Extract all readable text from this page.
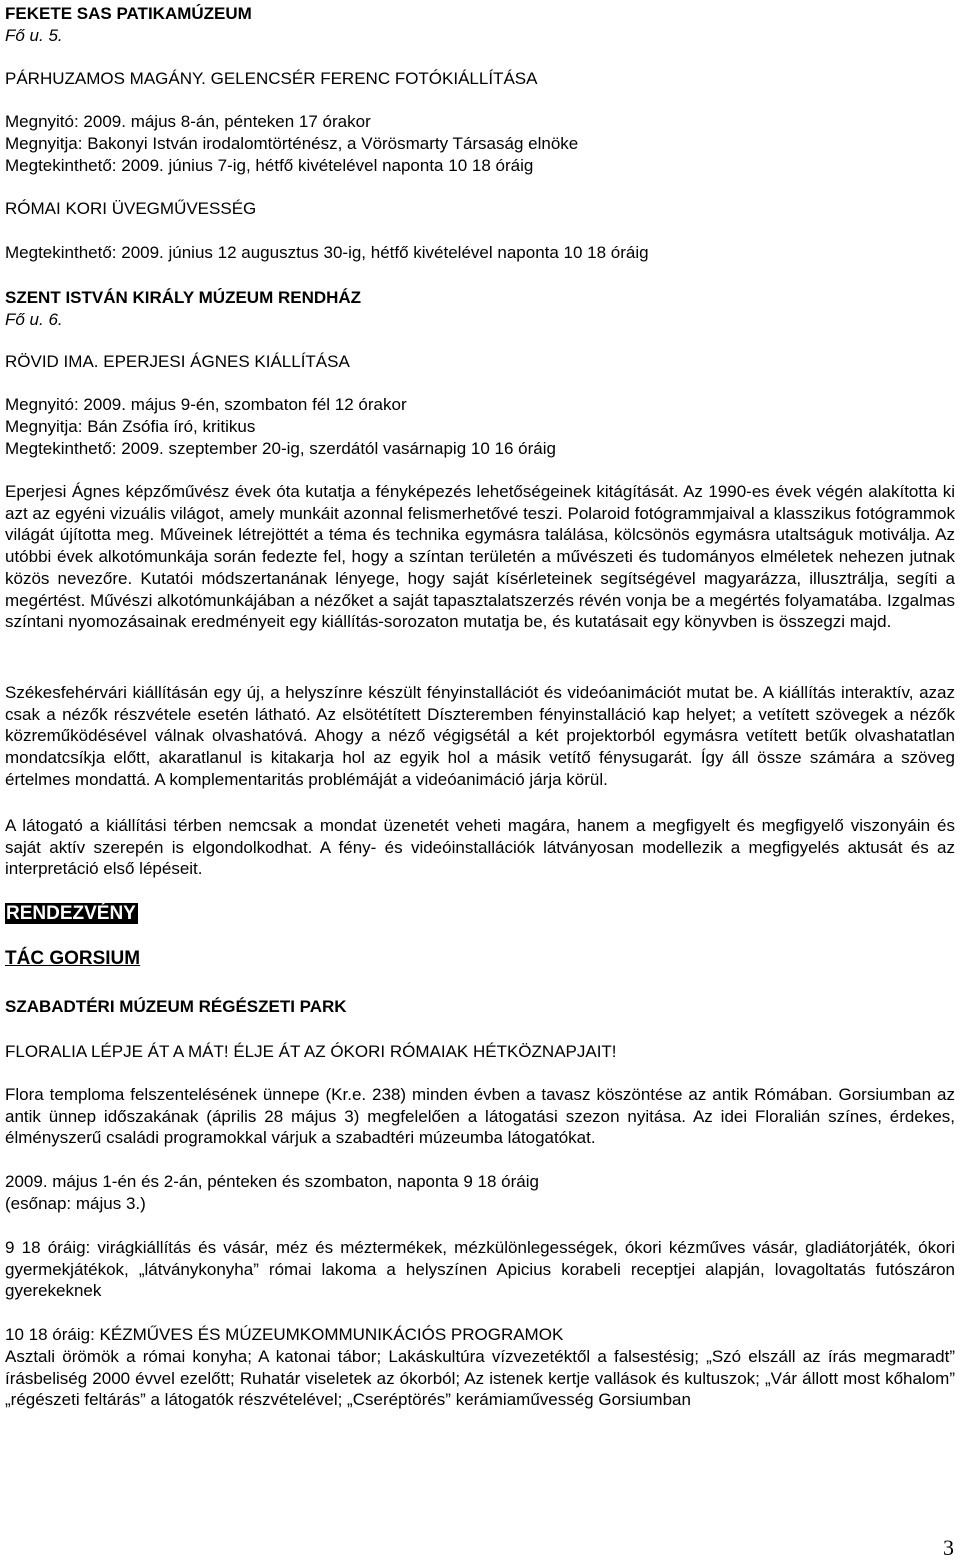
FEKETE SAS PATIKAMÚZEUM
Fő u. 5.
PÁRHUZAMOS MAGÁNY. GELENCSÉR FERENC FOTÓKIÁLLÍTÁSA
Megnyitó: 2009. május 8-án, pénteken 17 órakor
Megnyitja: Bakonyi István irodalomtörténész, a Vörösmarty Társaság elnöke
Megtekinthető: 2009. június 7-ig, hétfő kivételével naponta 10 18 óráig
RÓMAI KORI ÜVEGMŰVESSÉG
Megtekinthető: 2009. június 12 augusztus 30-ig, hétfő kivételével naponta 10 18 óráig
SZENT ISTVÁN KIRÁLY MÚZEUM RENDHÁZ
Fő u. 6.
RÖVID IMA. EPERJESI ÁGNES KIÁLLÍTÁSA
Megnyitó: 2009. május 9-én, szombaton fél 12 órakor
Megnyitja: Bán Zsófia író, kritikus
Megtekinthető: 2009. szeptember 20-ig, szerdától vasárnapig 10 16 óráig
Eperjesi Ágnes képzőművész évek óta kutatja a fényképezés lehetőségeinek kitágítását. Az 1990-es évek végén alakította ki azt az egyéni vizuális világot, amely munkáit azonnal felismerhetővé teszi. Polaroid fotógrammjaival a klasszikus fotógrammok világát újította meg. Műveinek létrejöttét a téma és technika egymásra találása, kölcsönös egymásra utaltságuk motiválja. Az utóbbi évek alkotómunkája során fedezte fel, hogy a színtan területén a művészeti és tudományos elméletek nehezen jutnak közös nevezőre. Kutatói módszertanának lényege, hogy saját kísérleteinek segítségével magyarázza, illusztrálja, segíti a megértést. Művészi alkotómunkájában a nézőket a saját tapasztalatszerzés révén vonja be a megértés folyamatába. Izgalmas színtani nyomozásainak eredményeit egy kiállítás-sorozaton mutatja be, és kutatásait egy könyvben is összegzi majd.
Székesfehérvári kiállításán egy új, a helyszínre készült fényinstallációt és videóanimációt mutat be. A kiállítás interaktív, azaz csak a nézők részvétele esetén látható. Az elsötétített Díszteremben fényinstalláció kap helyet; a vetített szövegek a nézők közreműködésével válnak olvashatóvá. Ahogy a néző végigsétál a két projektorból egymásra vetített betűk olvashatatlan mondatcsíkja előtt, akaratlanul is kitakarja hol az egyik hol a másik vetítő fénysugarát. Így áll össze számára a szöveg értelmes mondattá. A komplementaritás problémáját a videóanimáció járja körül.
A látogató a kiállítási térben nemcsak a mondat üzenetét veheti magára, hanem a megfigyelt és megfigyelő viszonyáin és saját aktív szerepén is elgondolkodhat. A fény- és videóinstallációk látványosan modellezik a megfigyelés aktusát és az interpretáció első lépéseit.
RENDEZVÉNY
TÁC GORSIUM
SZABADTÉRI MÚZEUM RÉGÉSZETI PARK
FLORALIA LÉPJE ÁT A MÁT! ÉLJE ÁT AZ ÓKORI RÓMAIAK HÉTKÖZNAPJAIT!
Flora temploma felszentelésének ünnepe (Kr.e. 238) minden évben a tavasz köszöntése az antik Rómában. Gorsiumban az antik ünnep időszakának (április 28 május 3) megfelelően a látogatási szezon nyitása. Az idei Floralián színes, érdekes, élményszerű családi programokkal várjuk a szabadtéri múzeumba látogatókat.
2009. május 1-én és 2-án, pénteken és szombaton, naponta 9 18 óráig
(esőnap: május 3.)
9 18 óráig: virágkiállítás és vásár, méz és méztermékek, mézkülönlegességek, ókori kézműves vásár, gladiátorjáték, ókori gyermekjátékok, „látványkonyha” római lakoma a helyszínen Apicius korabeli receptjei alapján, lovagoltatás futószáron gyerekeknek
10 18 óráig: KÉZMŰVES ÉS MÚZEUMKOMMUNIKÁCIÓS PROGRAMOK
Asztali örömök a római konyha; A katonai tábor; Lakáskultúra vízvezetéktől a falsestésig; „Szó elszáll az írás megmaradt” írásbeliség 2000 évvel ezelőtt; Ruhatár viseletek az ókorból; Az istenek kertje vallások és kultuszok; „Vár állott most kőhalom” „régészeti feltárás” a látogatók részvételével; „Cseréptörés” kerámiaművesség Gorsiumban
3
